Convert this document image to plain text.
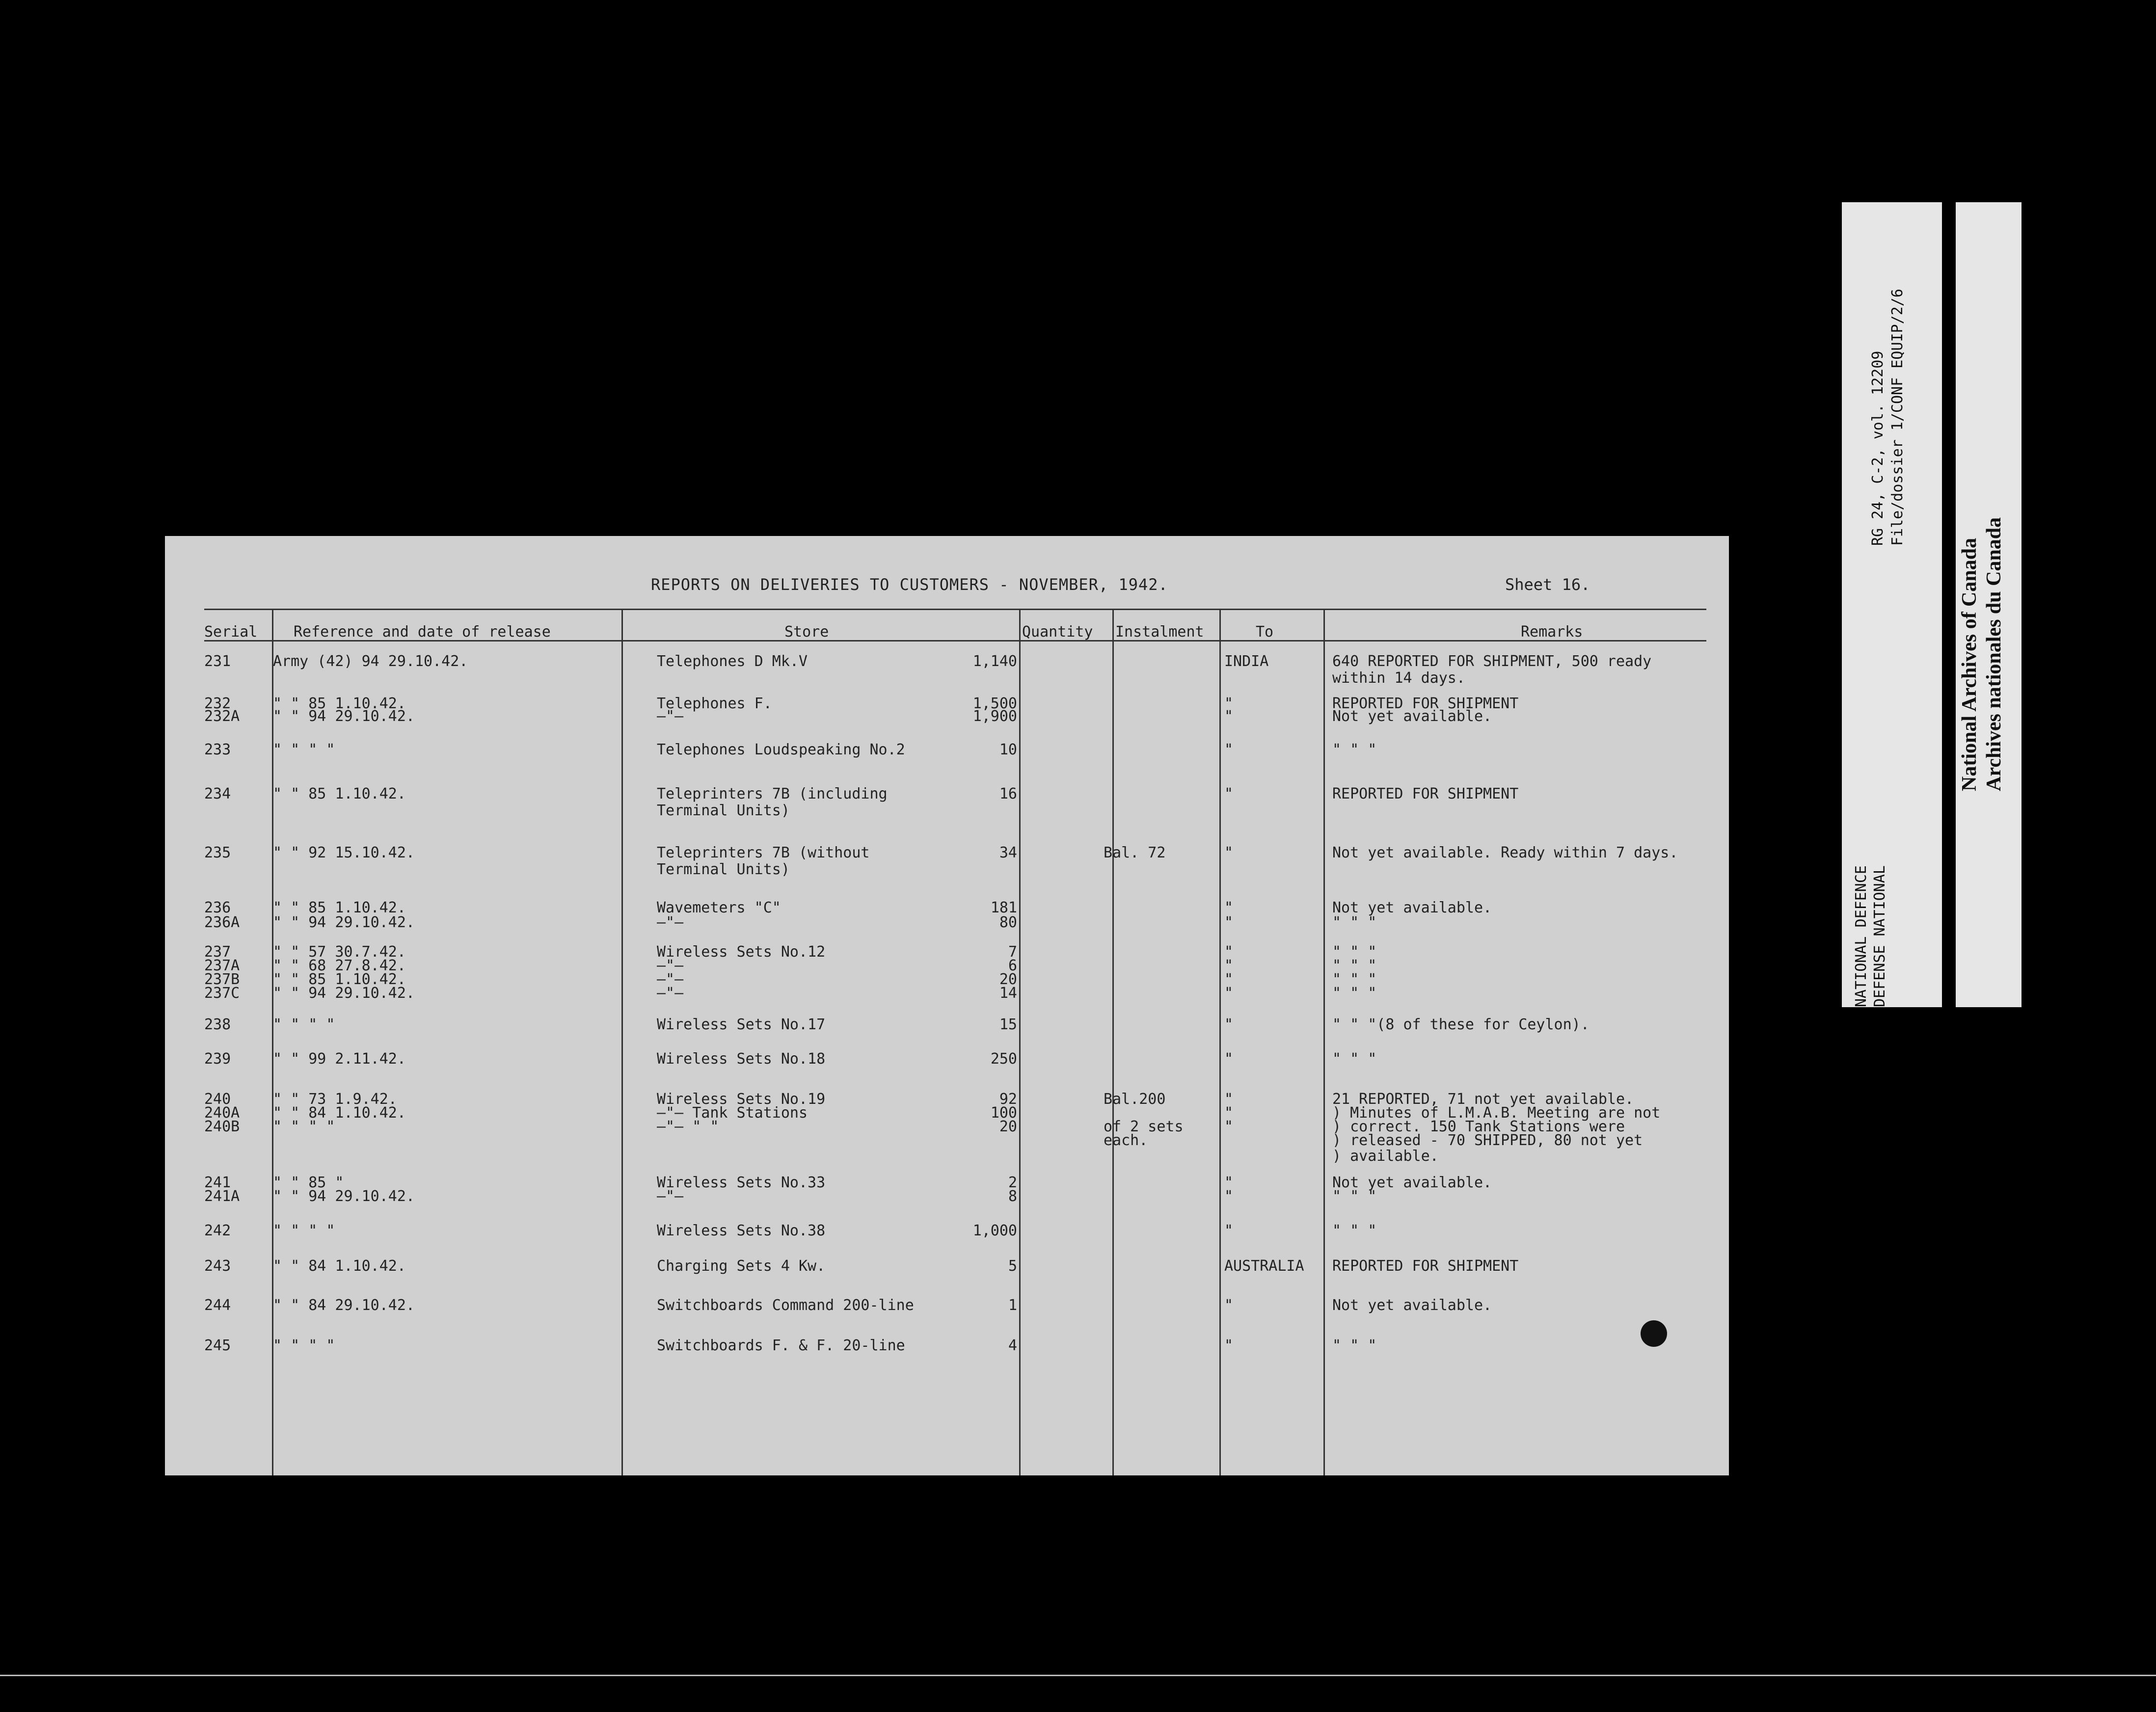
REPORTS ON DELIVERIES TO CUSTOMERS - NOVEMBER, 1942.	Sheet 16.
Serial Reference and date of release	Store	Quantity Instalment	To	Remarks
231	Army (42) 94 29.10.42.	Telephones D Mk.V	1,140	INDIA	640 REPORTED FOR SHIPMENT, 500 ready
within 14 days.
232	" " 85 1.10.42.	Telephones F.	1,500	"	REPORTED FOR SHIPMENT
232A " " 94 29.10.42.	—"—	1,900	"	Not yet available.
233	" " " "	Telephones Loudspeaking No.2	10	"	" " "
234	" " 85 1.10.42.	Teleprinters 7B (including	16	"	REPORTED FOR SHIPMENT
Terminal Units)
235	" " 92 15.10.42.	Teleprinters 7B (without	34	Bal. 72	"	Not yet available. Ready within 7 days.
Terminal Units)
236	" " 85 1.10.42.	Wavemeters "C"	181	"	Not yet available.
236A " " 94 29.10.42.	—"—	80	"	" " "
237	" " 57 30.7.42.	Wireless Sets No.12	7	"	" " "
237A " " 68 27.8.42.	—"—	6	"	" " "
237B " " 85 1.10.42.	—"—	20	"	" " "
237C " " 94 29.10.42.	—"—	14	"	" " "
238	" " " "	Wireless Sets No.17	15	"	" " "(8 of these for Ceylon).
239	" " 99 2.11.42.	Wireless Sets No.18	250	"	" " "
240	" " 73 1.9.42.	Wireless Sets No.19	92	Bal.200	"	21 REPORTED, 71 not yet available.
240A " " 84 1.10.42.	—"— Tank Stations	100	"	) Minutes of L.M.A.B. Meeting are not
240B " " " "	—"— " "	20	of 2 sets	"	) correct. 150 Tank Stations were
each.	) released - 70 SHIPPED, 80 not yet
) available.
241	" " 85 "	Wireless Sets No.33	2	"	Not yet available.
241A " " 94 29.10.42.	—"—	8	"	" " "
242	" " " "	Wireless Sets No.38	1,000	"	" " "
243	" " 84 1.10.42.	Charging Sets 4 Kw.	5	AUSTRALIA REPORTED FOR SHIPMENT
244	" " 84 29.10.42.	Switchboards Command 200-line	1	"	Not yet available.
245	" " " "	Switchboards F. & F. 20-line	4	"	" " "
RG 24, C-2, vol. 12209 File/dossier 1/CONF EQUIP/2/6
NATIONAL DEFENCE DEFENSE NATIONAL
National Archives of Canada Archives nationales du Canada
